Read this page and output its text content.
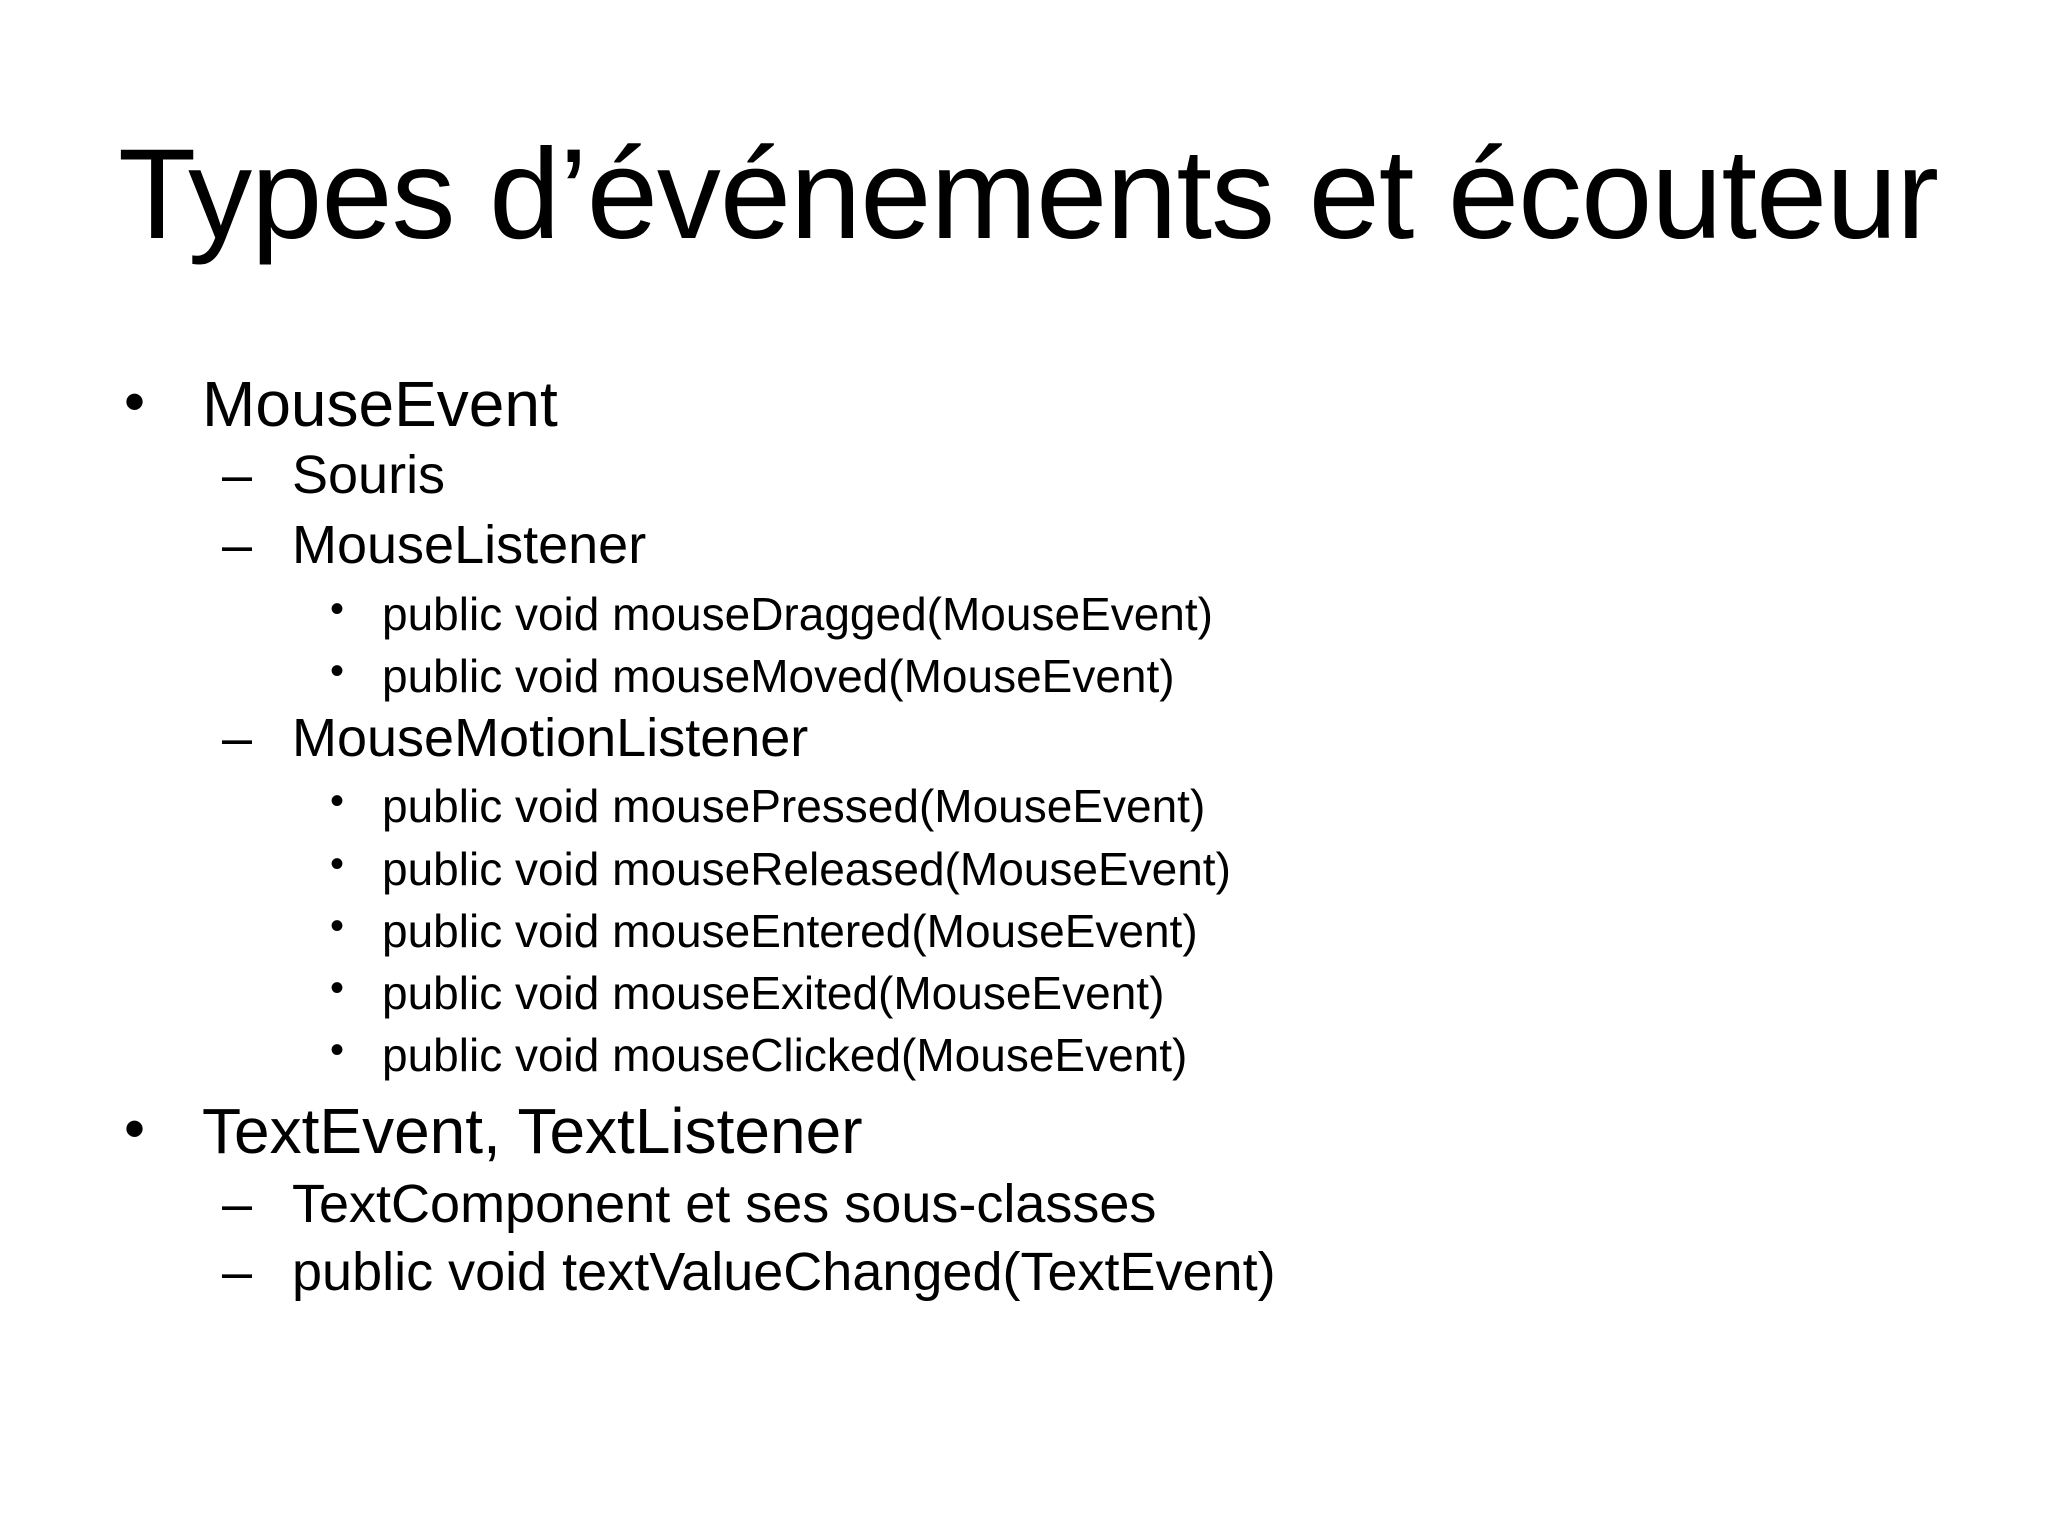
Types d’événements et écouteur
• MouseEvent
– Souris
– MouseListener
• public void mouseDragged(MouseEvent)
• public void mouseMoved(MouseEvent)
– MouseMotionListener
• public void mousePressed(MouseEvent)
• public void mouseReleased(MouseEvent)
• public void mouseEntered(MouseEvent)
• public void mouseExited(MouseEvent)
• public void mouseClicked(MouseEvent)
• TextEvent, TextListener
– TextComponent et ses sous-classes
– public void textValueChanged(TextEvent)
